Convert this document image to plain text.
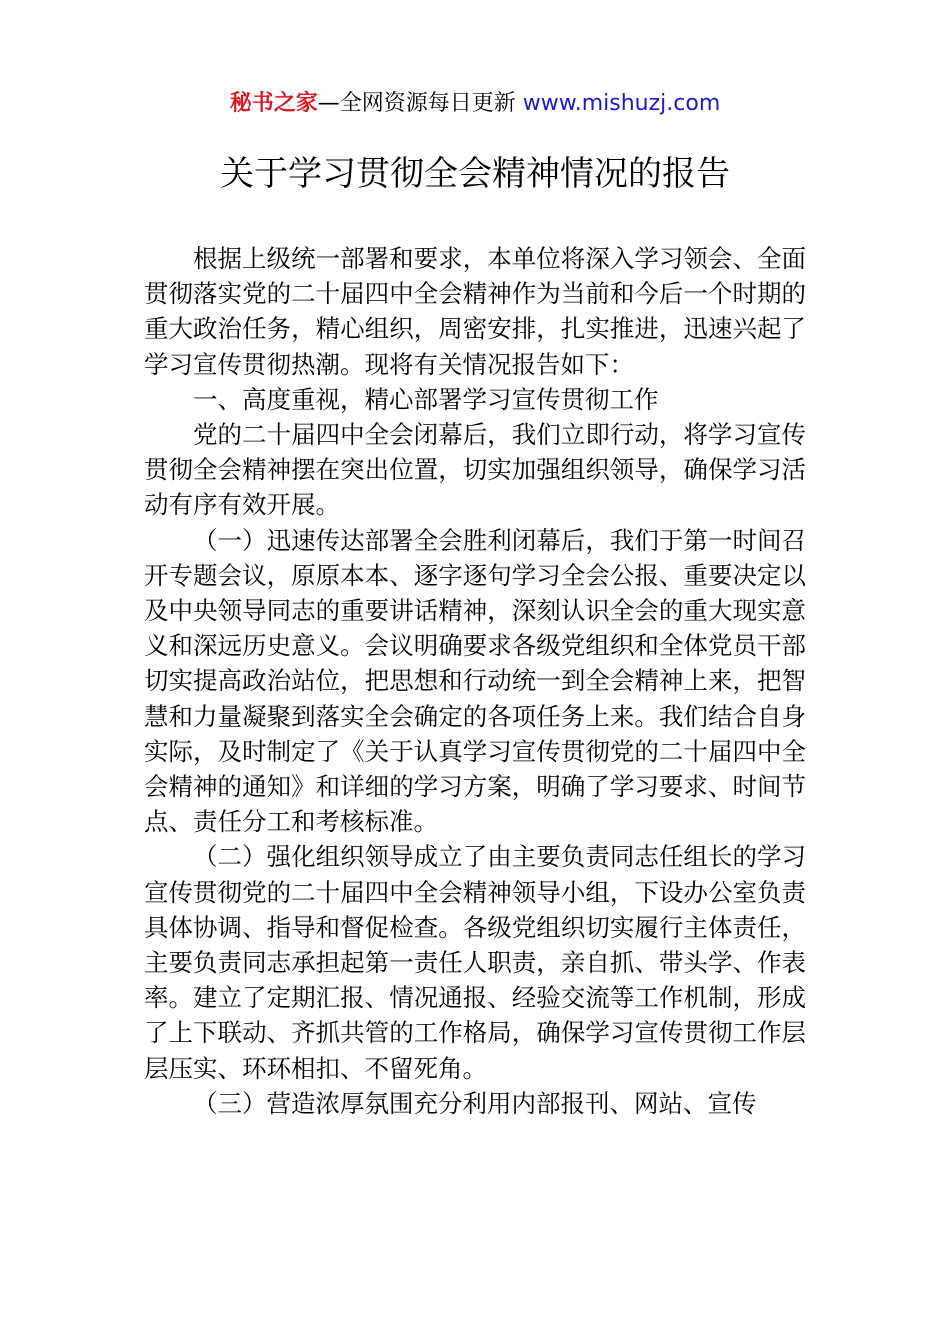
秘书之家—全网资源每日更新 www.mishuzj.com
关于学习贯彻全会精神情况的报告

根据上级统一部署和要求，本单位将深入学习领会、全面贯彻落实党的二十届四中全会精神作为当前和今后一个时期的重大政治任务，精心组织，周密安排，扎实推进，迅速兴起了学习宣传贯彻热潮。现将有关情况报告如下：

一、高度重视，精心部署学习宣传贯彻工作

党的二十届四中全会闭幕后，我们立即行动，将学习宣传贯彻全会精神摆在突出位置，切实加强组织领导，确保学习活动有序有效开展。

（一）迅速传达部署全会胜利闭幕后，我们于第一时间召开专题会议，原原本本、逐字逐句学习全会公报、重要决定以及中央领导同志的重要讲话精神，深刻认识全会的重大现实意义和深远历史意义。会议明确要求各级党组织和全体党员干部切实提高政治站位，把思想和行动统一到全会精神上来，把智慧和力量凝聚到落实全会确定的各项任务上来。我们结合自身实际，及时制定了《关于认真学习宣传贯彻党的二十届四中全会精神的通知》和详细的学习方案，明确了学习要求、时间节点、责任分工和考核标准。

（二）强化组织领导成立了由主要负责同志任组长的学习宣传贯彻党的二十届四中全会精神领导小组，下设办公室负责具体协调、指导和督促检查。各级党组织切实履行主体责任，主要负责同志承担起第一责任人职责，亲自抓、带头学、作表率。建立了定期汇报、情况通报、经验交流等工作机制，形成了上下联动、齐抓共管的工作格局，确保学习宣传贯彻工作层层压实、环环相扣、不留死角。

（三）营造浓厚氛围充分利用内部报刊、网站、宣传
